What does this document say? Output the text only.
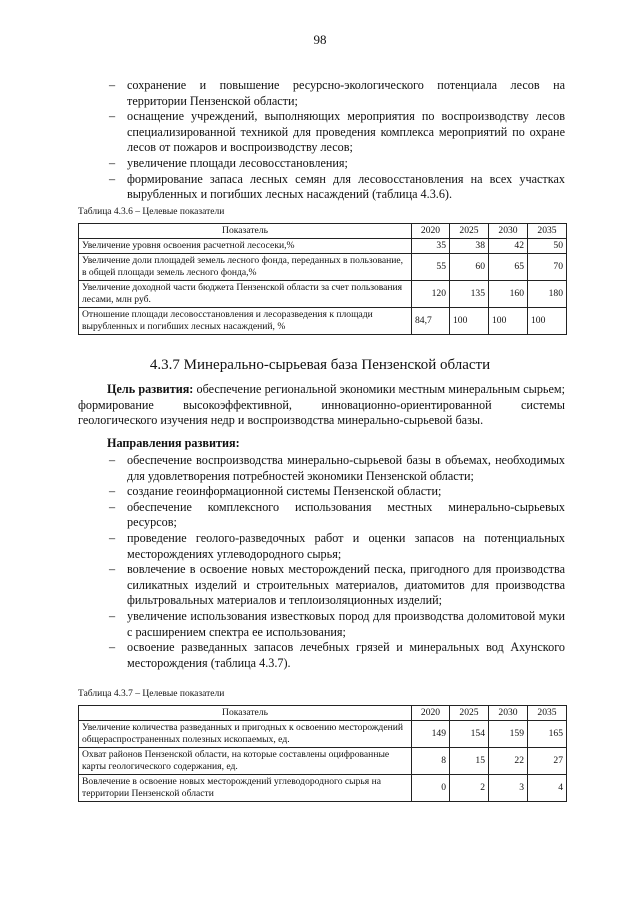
98
– сохранение и повышение ресурсно-экологического потенциала лесов на территории Пензенской области;
– оснащение учреждений, выполняющих мероприятия по воспроизводству лесов специализированной техникой для проведения комплекса мероприятий по охране лесов от пожаров и воспроизводству лесов;
– увеличение площади лесовосстановления;
– формирование запаса лесных семян для лесовосстановления на всех участках вырубленных и погибших лесных насаждений (таблица 4.3.6).
Таблица 4.3.6 – Целевые показатели
Показатель	2020	2025	2030	2035
Увеличение уровня освоения расчетной лесосеки,%	35	38	42	50
Увеличение доли площадей земель лесного фонда, переданных в пользование, в общей площади земель лесного фонда,%	55	60	65	70
Увеличение доходной части бюджета Пензенской области за счет пользования лесами, млн руб.	120	135	160	180
Отношение площади лесовосстановления и лесоразведения к площади вырубленных и погибших лесных насаждений, %	84,7	100	100	100
4.3.7 Минерально-сырьевая база Пензенской области

Цель развития: обеспечение региональной экономики местным минеральным сырьем; формирование высокоэффективной, инновационно-ориентированной системы геологического изучения недр и воспроизводства минерально-сырьевой базы.

Направления развития:
– обеспечение воспроизводства минерально-сырьевой базы в объемах, необходимых для удовлетворения потребностей экономики Пензенской области;
– создание геоинформационной системы Пензенской области;
– обеспечение комплексного использования местных минерально-сырьевых ресурсов;
– проведение геолого-разведочных работ и оценки запасов на потенциальных месторождениях углеводородного сырья;
– вовлечение в освоение новых месторождений песка, пригодного для производства силикатных изделий и строительных материалов, диатомитов для производства фильтровальных материалов и теплоизоляционных изделий;
– увеличение использования известковых пород для производства доломитовой муки с расширением спектра ее использования;
– освоение разведанных запасов лечебных грязей и минеральных вод Ахунского месторождения (таблица 4.3.7).
Таблица 4.3.7 – Целевые показатели
Показатель	2020	2025	2030	2035
Увеличение количества разведанных и пригодных к освоению месторождений общераспространенных полезных ископаемых, ед.	149	154	159	165
Охват районов Пензенской области, на которые составлены оцифрованные карты геологического содержания, ед.	8	15	22	27
Вовлечение в освоение новых месторождений углеводородного сырья на территории Пензенской области	0	2	3	4
